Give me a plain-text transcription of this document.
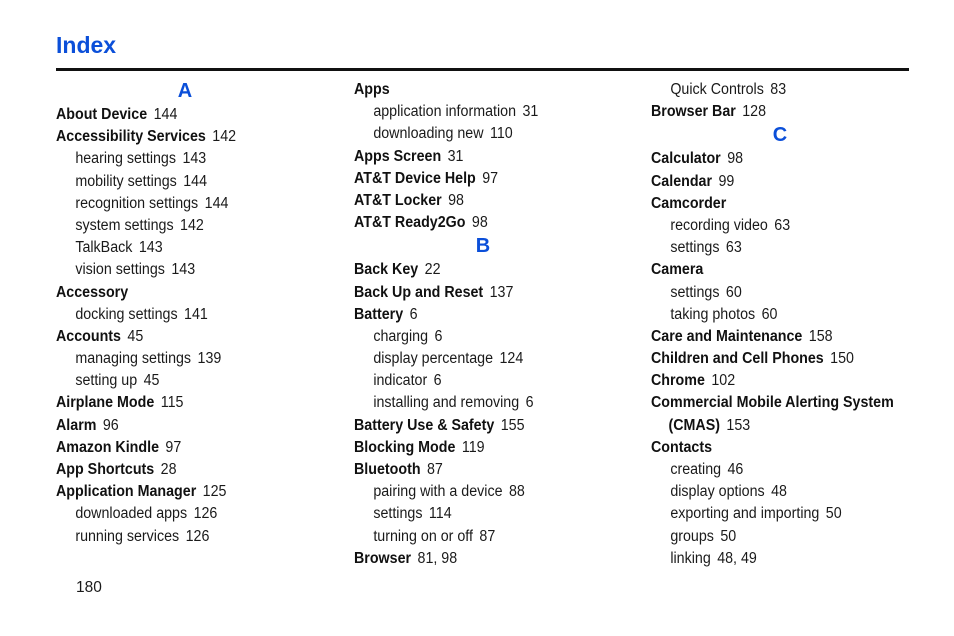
Index
A
About Device 144
Accessibility Services 142
hearing settings 143
mobility settings 144
recognition settings 144
system settings 142
TalkBack 143
vision settings 143
Accessory
docking settings 141
Accounts 45
managing settings 139
setting up 45
Airplane Mode 115
Alarm 96
Amazon Kindle 97
App Shortcuts 28
Application Manager 125
downloaded apps 126
running services 126
Apps
application information 31
downloading new 110
Apps Screen 31
AT&T Device Help 97
AT&T Locker 98
AT&T Ready2Go 98
B
Back Key 22
Back Up and Reset 137
Battery 6
charging 6
display percentage 124
indicator 6
installing and removing 6
Battery Use & Safety 155
Blocking Mode 119
Bluetooth 87
pairing with a device 88
settings 114
turning on or off 87
Browser 81, 98
Quick Controls 83
Browser Bar 128
C
Calculator 98
Calendar 99
Camcorder
recording video 63
settings 63
Camera
settings 60
taking photos 60
Care and Maintenance 158
Children and Cell Phones 150
Chrome 102
Commercial Mobile Alerting System
(CMAS) 153
Contacts
creating 46
display options 48
exporting and importing 50
groups 50
linking 48, 49
180
